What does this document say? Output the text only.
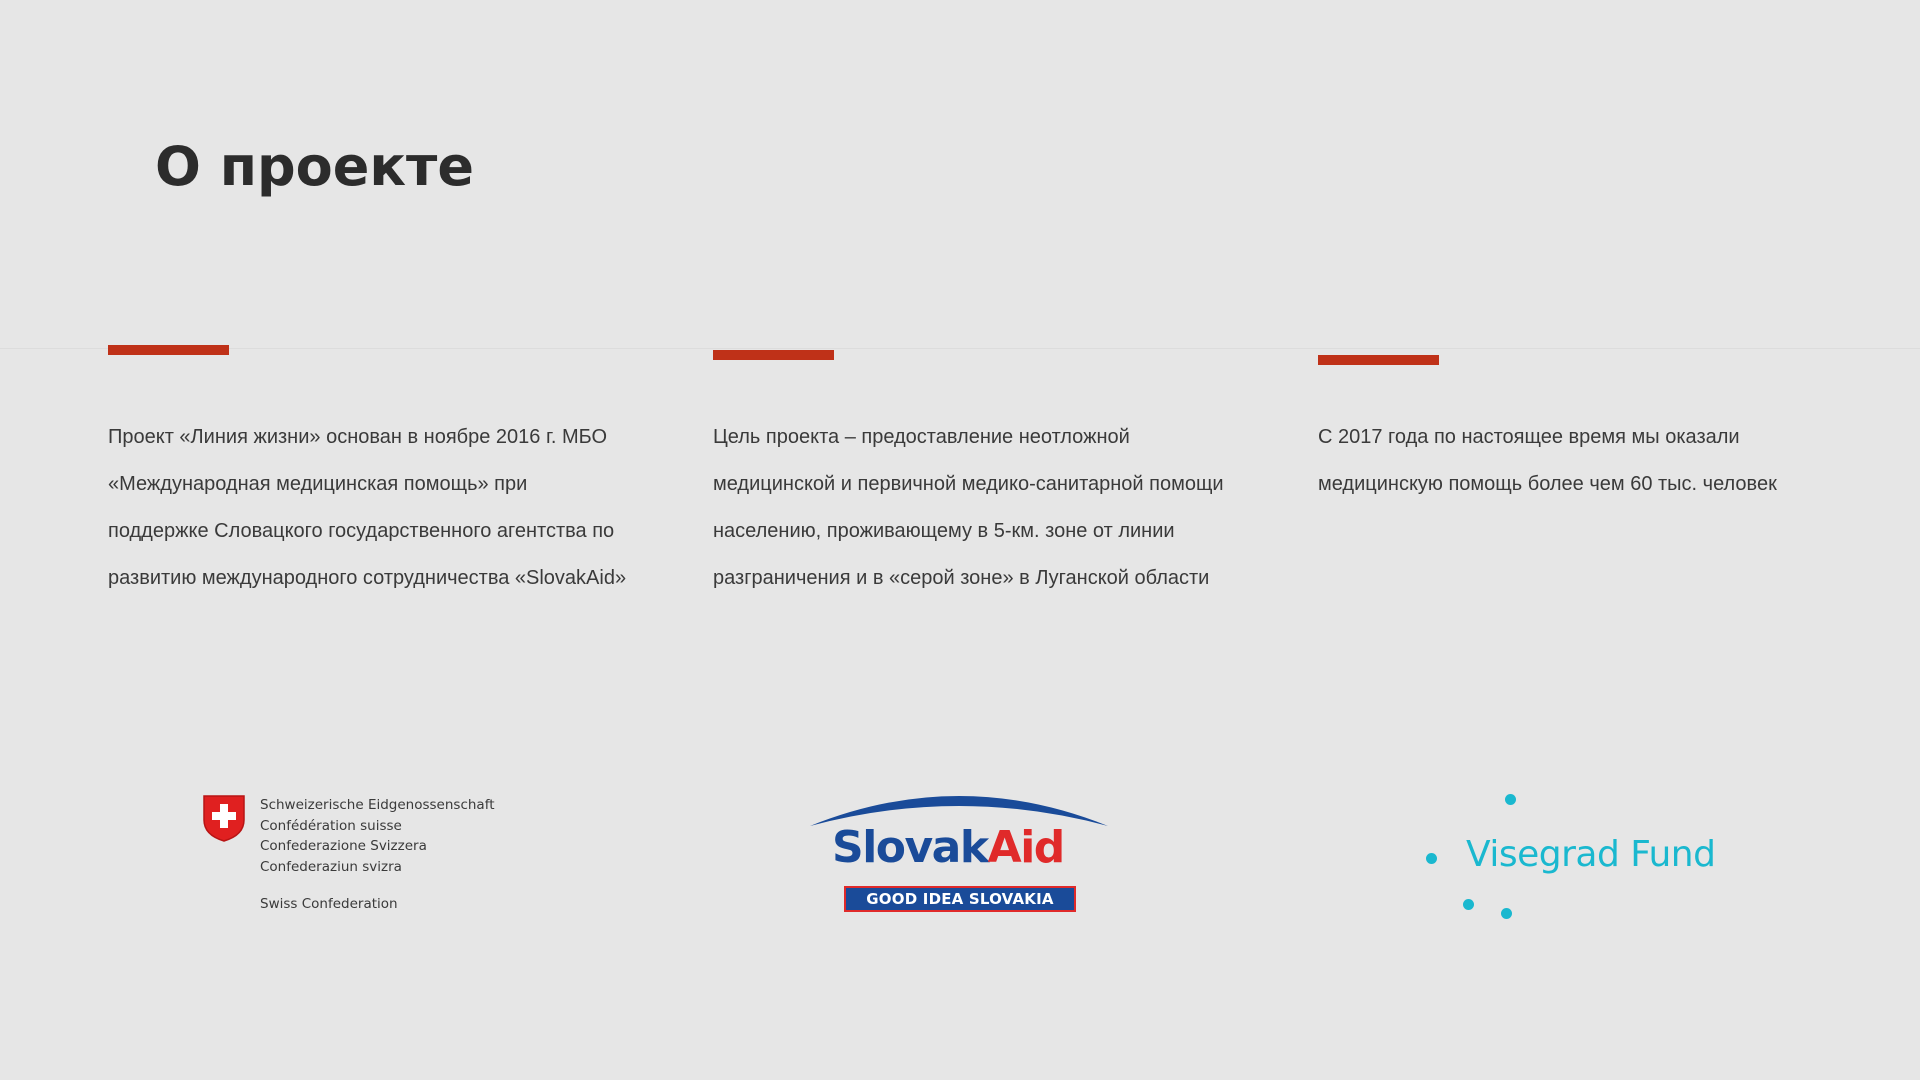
О проекте

Проект «Линия жизни» основан в ноябре 2016 г. МБО «Международная медицинская помощь» при поддержке Словацкого государственного агентства по развитию международного сотрудничества «SlovakAid»

Цель проекта – предоставление неотложной медицинской и первичной медико-санитарной помощи населению, проживающему в 5-км. зоне от линии разграничения и в «серой зоне» в Луганской области

С 2017 года по настоящее время мы оказали медицинскую помощь более чем 60 тыс. человек

Schweizerische Eidgenossenschaft
Confédération suisse
Confederazione Svizzera
Confederaziun svizra
Swiss Confederation
SlovakAid
GOOD IDEA SLOVAKIA
Visegrad Fund
